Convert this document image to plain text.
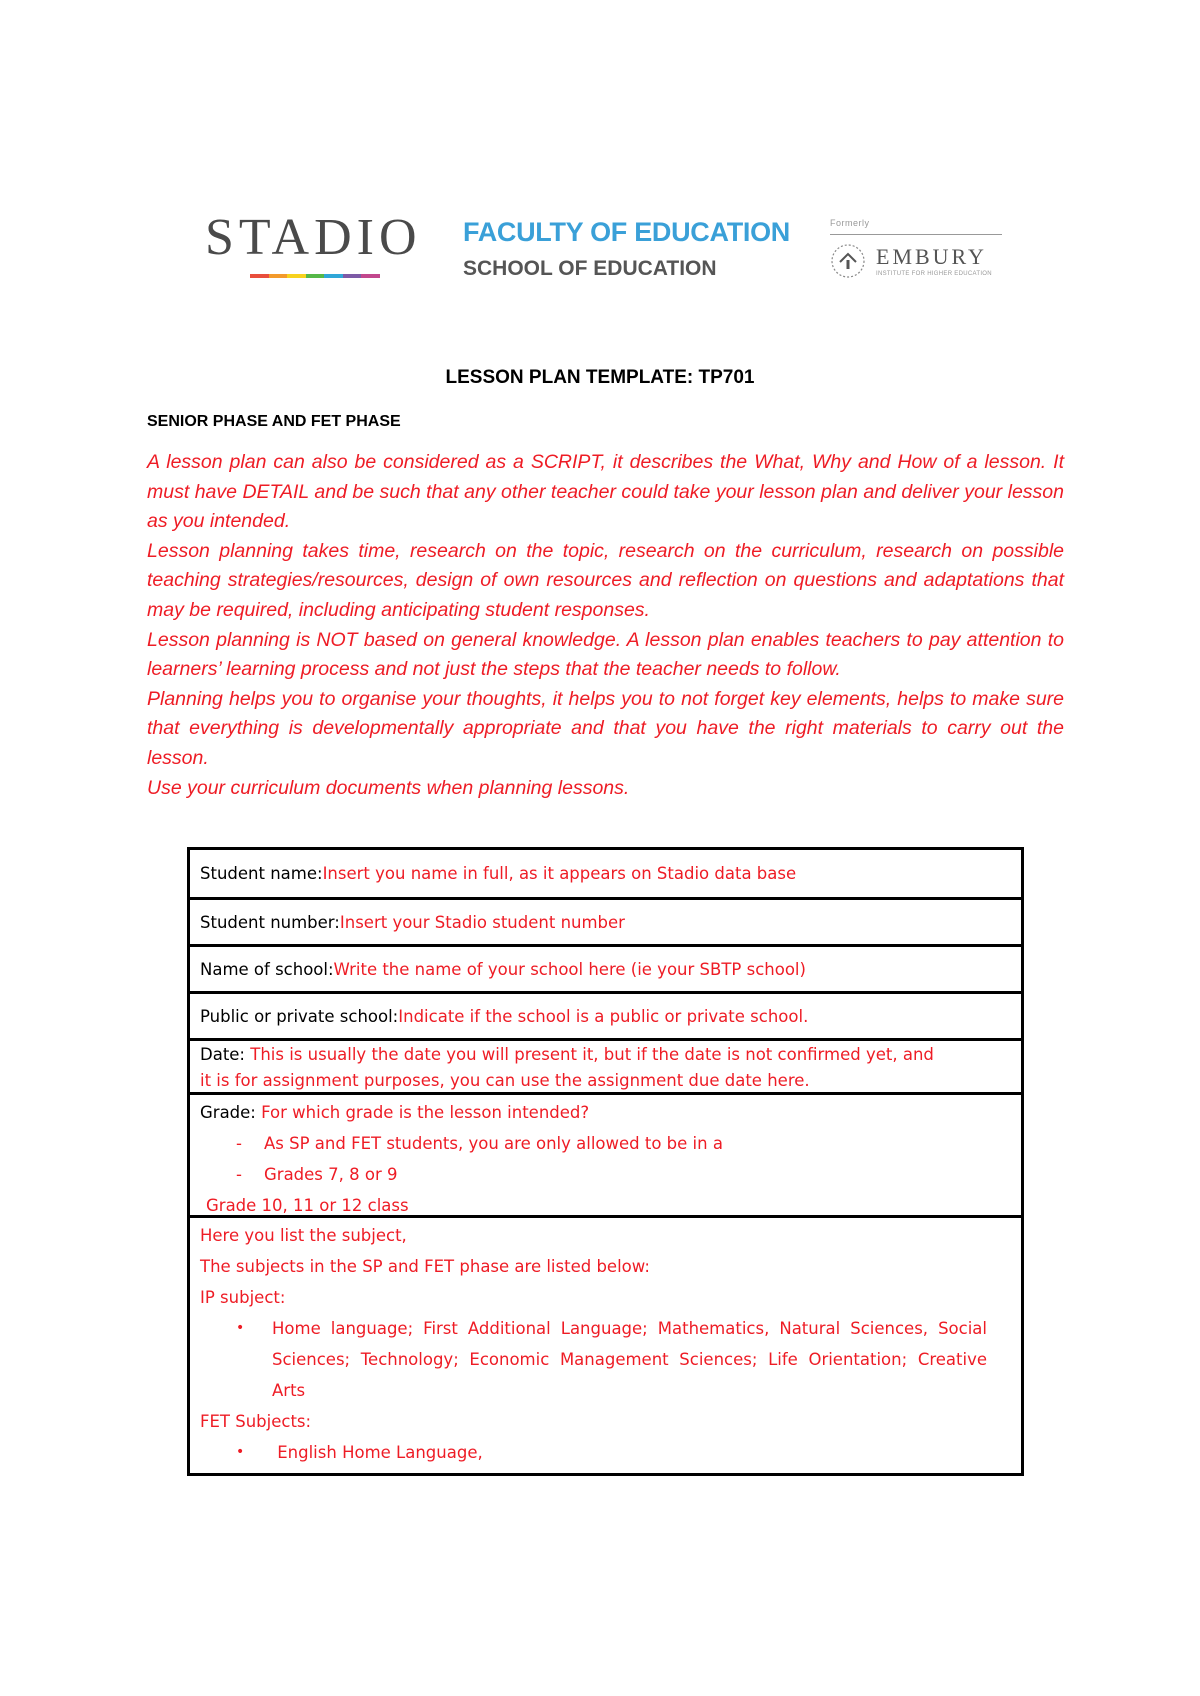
STADIO	FACULTY OF EDUCATION
SCHOOL OF EDUCATION
Formerly
EMBURY
INSTITUTE FOR HIGHER EDUCATION
LESSON PLAN TEMPLATE: TP701
SENIOR PHASE AND FET PHASE

A lesson plan can also be considered as a SCRIPT, it describes the What, Why and How of a lesson. It must have DETAIL and be such that any other teacher could take your lesson plan and deliver your lesson as you intended.

Lesson planning takes time, research on the topic, research on the curriculum, research on possible teaching strategies/resources, design of own resources and reflection on questions and adaptations that may be required, including anticipating student responses.

Lesson planning is NOT based on general knowledge. A lesson plan enables teachers to pay attention to learners’ learning process and not just the steps that the teacher needs to follow.

Planning helps you to organise your thoughts, it helps you to not forget key elements, helps to make sure that everything is developmentally appropriate and that you have the right materials to carry out the lesson.

Use your curriculum documents when planning lessons.

Student name: Insert you name in full, as it appears on Stadio data base
Student number: Insert your Stadio student number
Name of school: Write the name of your school here (ie your SBTP school)
Public or private school: Indicate if the school is a public or private school.
Date: This is usually the date you will present it, but if the date is not confirmed yet, and
it is for assignment purposes, you can use the assignment due date here.
Grade: For which grade is the lesson intended?
-	As SP and FET students, you are only allowed to be in a
-	Grades 7, 8 or 9
Grade 10, 11 or 12 class
Here you list the subject,
The subjects in the SP and FET phase are listed below:
IP subject:
•	Home language; First Additional Language; Mathematics, Natural Sciences, Social Sciences; Technology; Economic Management Sciences; Life Orientation; Creative Arts
FET Subjects:
•	English Home Language,
